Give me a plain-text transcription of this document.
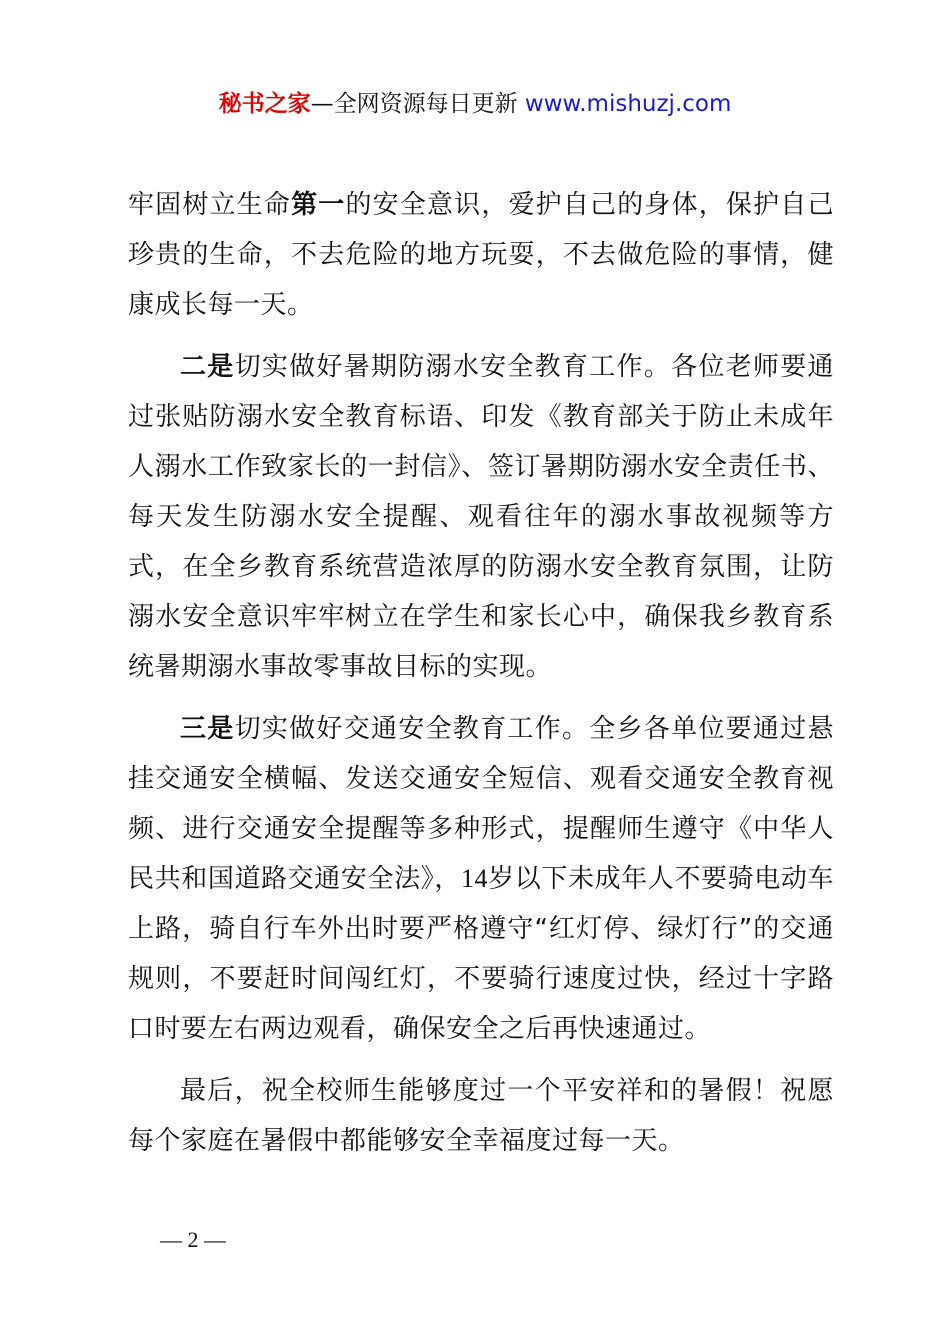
秘书之家—全网资源每日更新 www.mishuzj.com

牢固树立生命第一的安全意识，爱护自己的身体，保护自己珍贵的生命，不去危险的地方玩耍，不去做危险的事情，健康成长每一天。

二是切实做好暑期防溺水安全教育工作。各位老师要通过张贴防溺水安全教育标语、印发《教育部关于防止未成年人溺水工作致家长的一封信》、签订暑期防溺水安全责任书、每天发生防溺水安全提醒、观看往年的溺水事故视频等方式，在全乡教育系统营造浓厚的防溺水安全教育氛围，让防溺水安全意识牢牢树立在学生和家长心中，确保我乡教育系统暑期溺水事故零事故目标的实现。

三是切实做好交通安全教育工作。全乡各单位要通过悬挂交通安全横幅、发送交通安全短信、观看交通安全教育视频、进行交通安全提醒等多种形式，提醒师生遵守《中华人民共和国道路交通安全法》，14岁以下未成年人不要骑电动车上路，骑自行车外出时要严格遵守“红灯停、绿灯行”的交通规则，不要赶时间闯红灯，不要骑行速度过快，经过十字路口时要左右两边观看，确保安全之后再快速通过。

最后，祝全校师生能够度过一个平安祥和的暑假！祝愿每个家庭在暑假中都能够安全幸福度过每一天。

— 2 —
